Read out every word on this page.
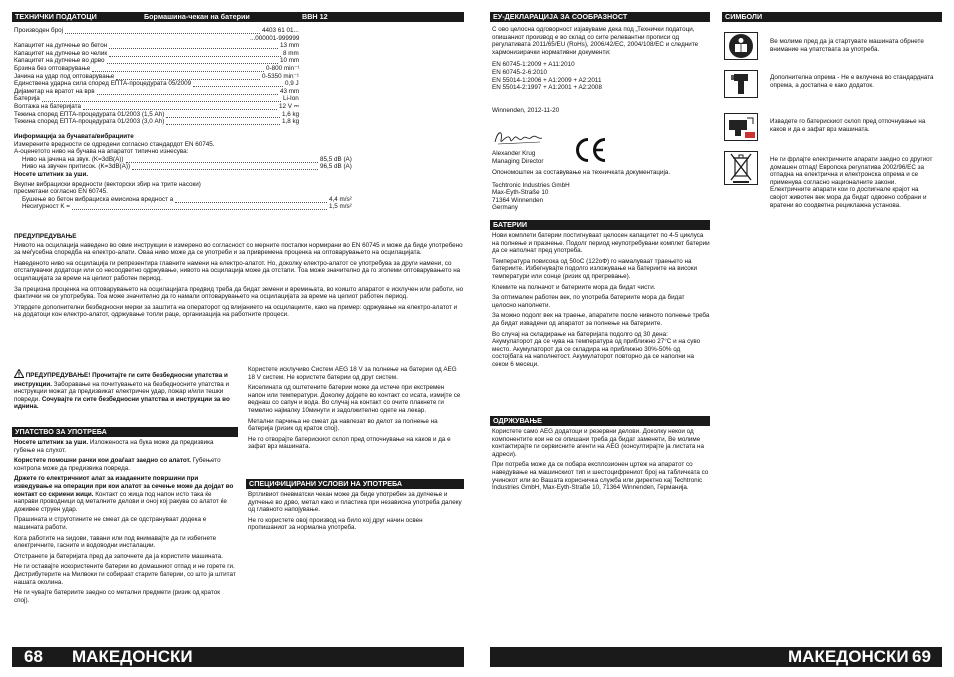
ТЕХНИЧКИ ПОДАТОЦИ	Бормашина-чекан на батерии	BBH 12
Производен број	4403 61 01...
...000001-999999
Капацитет на дупчење во бетон	13 mm
Капацитет на дупчење во челик	8 mm
Капацитет на дупчење во дрво	10 mm
Брзина без оптоварување	0-800 min⁻¹
Јачина на удар под оптоварување	0-5350 min⁻¹
Единствена ударна сила според ЕПТА-процедурата 05/2009	0,9 J
Дијаметар на вратот на врв	43 mm
Батерија	Li-Ion
Волтажа на батеријата	12 V ⎓
Тежина според ЕПТА-процедурата 01/2003 (1,5 Ah)	1,6 kg
Тежина според ЕПТА-процедурата 01/2003 (3,0 Ah)	1,8 kg

Информација за бучавата/вибрациите

Измерените вредности се одредени согласно стандардот EN 60745.

А-оценетото ниво на бучава на апаратот типично изнесува:

Ниво на јачина на звук. (K=3dB(A))	85,5 dB (A)
Ниво на звучен притисок. (K=3dB(A))	96,5 dB (A)

Носете штитник за уши.

Вкупни вибрациски вредности (векторски збир на трите насоки) пресметани согласно EN 60745.

Бушење во бетон вибрациска емисиона вредност a	4,4 m/s²
Несигурност K =	1,5 m/s²

ПРЕДУПРЕДУВАЊЕ

Нивото на осцилација наведено во овие инструкции е измерено во согласност со мерните постапки нормирани во EN 60745 и може да биде употребено за меѓусебна споредба на електро-алати. Оваа ниво може да се употреби и за привремена проценка на оптоварувањето на осцилацијата.

Наведеното ниво на осцилација ги репрезентира главните намени на електро-алатот. Но, доколку електро-алатот се употребува за други намени, со отстапувачки додатоци или со несоодветно одржување, нивото на осцилација може да отстапи. Тоа може значително да го зголеми оптоварувањето на осцилацијата за време на целиот работен период.

За прецизна проценка на оптоварувањето на осцилацијата предвид треба да бидат земени и времињата, во коишто апаратот е исклучен или работи, но фактички не се употребува. Тоа може значително да го намали оптоварувањето на осцилацијата за време на целиот работен период.

Утврдете дополнителни безбедносни мерки за заштита на операторот од влијанието на осцилациите, како на пример: одржување на електро-алатот и на додатоци кон електро-алатот, одржување топли раце, организација на работните процеси.

ПРЕДУПРЕДУВАЊЕ! Прочитајте ги сите безбедносни упатства и инструкции. Заборавање на почитувањето на безбедносните упатства и инструкции можат да предизвикат електричен удар, пожар и/или тешки повреди. Сочувајте ги сите безбедносни упатства и инструкции за во иднина.

УПАТСТВО ЗА УПОТРЕБА

Носете штитник за уши. Изложеноста на бука може да предизвика губење на слухот.

Користете помошни рачки кои доаѓаат заедно со алатот. Губењето контрола може да предизвика повреда.

Држете го електричниот алат за изадаените површини при изведување на операции при кои алатот за сечење може да дојдат во контакт со скриени жици. Контакт со жица под напон исто така ќе направи проводници од металните делови и оној кој ракува со алатот ќе доживее струен удар.

Прашината и струготините не смеат да се одстрануваат додека е машината работи.

Кога работите на ѕидови, тавани или под внимавајте да ги избегнете електричните, гасните и водоводни инсталации.

Отстранете ја батеријата пред да започнете да ја користите машината.

Не ги оставајте искористените батерии во домашниот отпад и не горете ги. Дистрибутерите на Милвоки ги собираат старите батерии, со што ја штитат нашата околина.

Не ги чувајте батериите заедно со метални предмети (ризик од краток спој).

Користете исклучиво Систем AEG 18 V за полнење на батерии од AEG 18 V систем. Не користете батерии од друг систем.

Киселината од оштетените батерии може да истече при екстремен напон или температури. Доколку дојдете во контакт со исата, измијте се веднаш со сапун и вода. Во случај на контакт со очите плакнете ги темелно најмалку 10минути и задолжително одете на лекар.

Метални парчиња не смеат да навлезат во делот за полнење на батерија (ризик од краток спој).

Не го отворајте батерискиот склоп пред отпочнување на каков и да е зафат врз машината.

СПЕЦИФИЦИРАНИ УСЛОВИ НА УПОТРЕБА

Вртливиот пневматски чекан може да биде употребен за дупчење и дупчење во дрво, метал како и пластика при независна употреба далеку од главното напојување.

Не го користете овој производ на било кој друг начин освен пропишаниот за нормална употреба.

68 МАКЕДОНСКИ
ЕУ-ДЕКЛАРАЦИЈА ЗА СООБРАЗНОСТ

С ово целосна одговорност изјавуваме дека под „Технички податоци, опишаниот производ е во склад со сите релевантни прописи од регулативата 2011/65/EU (RoHs), 2006/42/EC, 2004/108/EC и следните хармонизирачки нормативни документи:

EN 60745-1:2009 + A11:2010
EN 60745-2-6:2010
EN 55014-1:2006 + A1:2009 + A2:2011
EN 55014-2:1997 + A1:2001 + A2:2008

Winnenden, 2012-11-20

Alexander Krug
Managing Director

Опономоштен за составување на техничката документација.

Techtronic Industries GmbH
Max-Eyth-Straße 10
71364 Winnenden
Germany
БАТЕРИИ

Нови комплети батерии постигнуваат целосен капацитет по 4-5 циклуса на полнење и празнење. Подолг период неупотребувани комплет батерии да се наполнат пред употреба.

Температура повисока од 50oC (122oФ) го намалуваат траењето на батериите. Избегнувајте подолго изложување на батериите на високи температури или сонце (ризик од прегревање).

Клемите на полначот и батериите мора да бидат чисти.

За оптимален работен век, по употреба батериите мора да бидат целосно наполнети.

За можно подолг век на траење, апаратите после нивното полнење треба да бидат извадени од апаратот за полнење на батериите.

Во случај на складирање на батеријата подолго од 30 дена: Акумулаторот да се чува на температура од приближно 27°C и на суво место. Акумулаторот да се складира на приближно 30%-50% од состојбата на наполнетост. Акумулаторот повторно да се наполни на секои 6 месеци.

ОДРЖУВАЊЕ

Користете само AEG додатоци и резервни делови. Доколку некои од компонентите кои не се опишани треба да бидат заменети, Ве молиме контактирајте ги сервисните агенти на AEG (консултирајте ја листата на адреси).

При потреба може да се побара експлозионен цртеж на апаратот со наведување на машинскиот тип и шестоцифрениот број на табличката со учинокот или во Вашата корисничка служба или директно кај Techtronic Industries GmbH, Max-Eyth-Straße 10, 71364 Winnenden, Германија.

СИМБОЛИ
Ве молиме пред да ја стартувате машината обрнете внимание на упатствата за употреба.
Дополнителна опрема - Не е вклучена во стандардната опрема, а достапна е како додаток.
Извадете го батерискиот склоп пред отпочнување на каков и да е зафат врз машината.
Не ги фрлајте електричните апарати заедно со другиот домашен отпад! Европска регулатива 2002/96/EC за отпадна на електрична и електронска опрема и се применува согласно националните закони. Електричните апарати кои го доспигнале крајот на својот животен век мора да бидат одвоено собрани и вратени во соодветна рециклажна установа.
МАКЕДОНСКИ 69
